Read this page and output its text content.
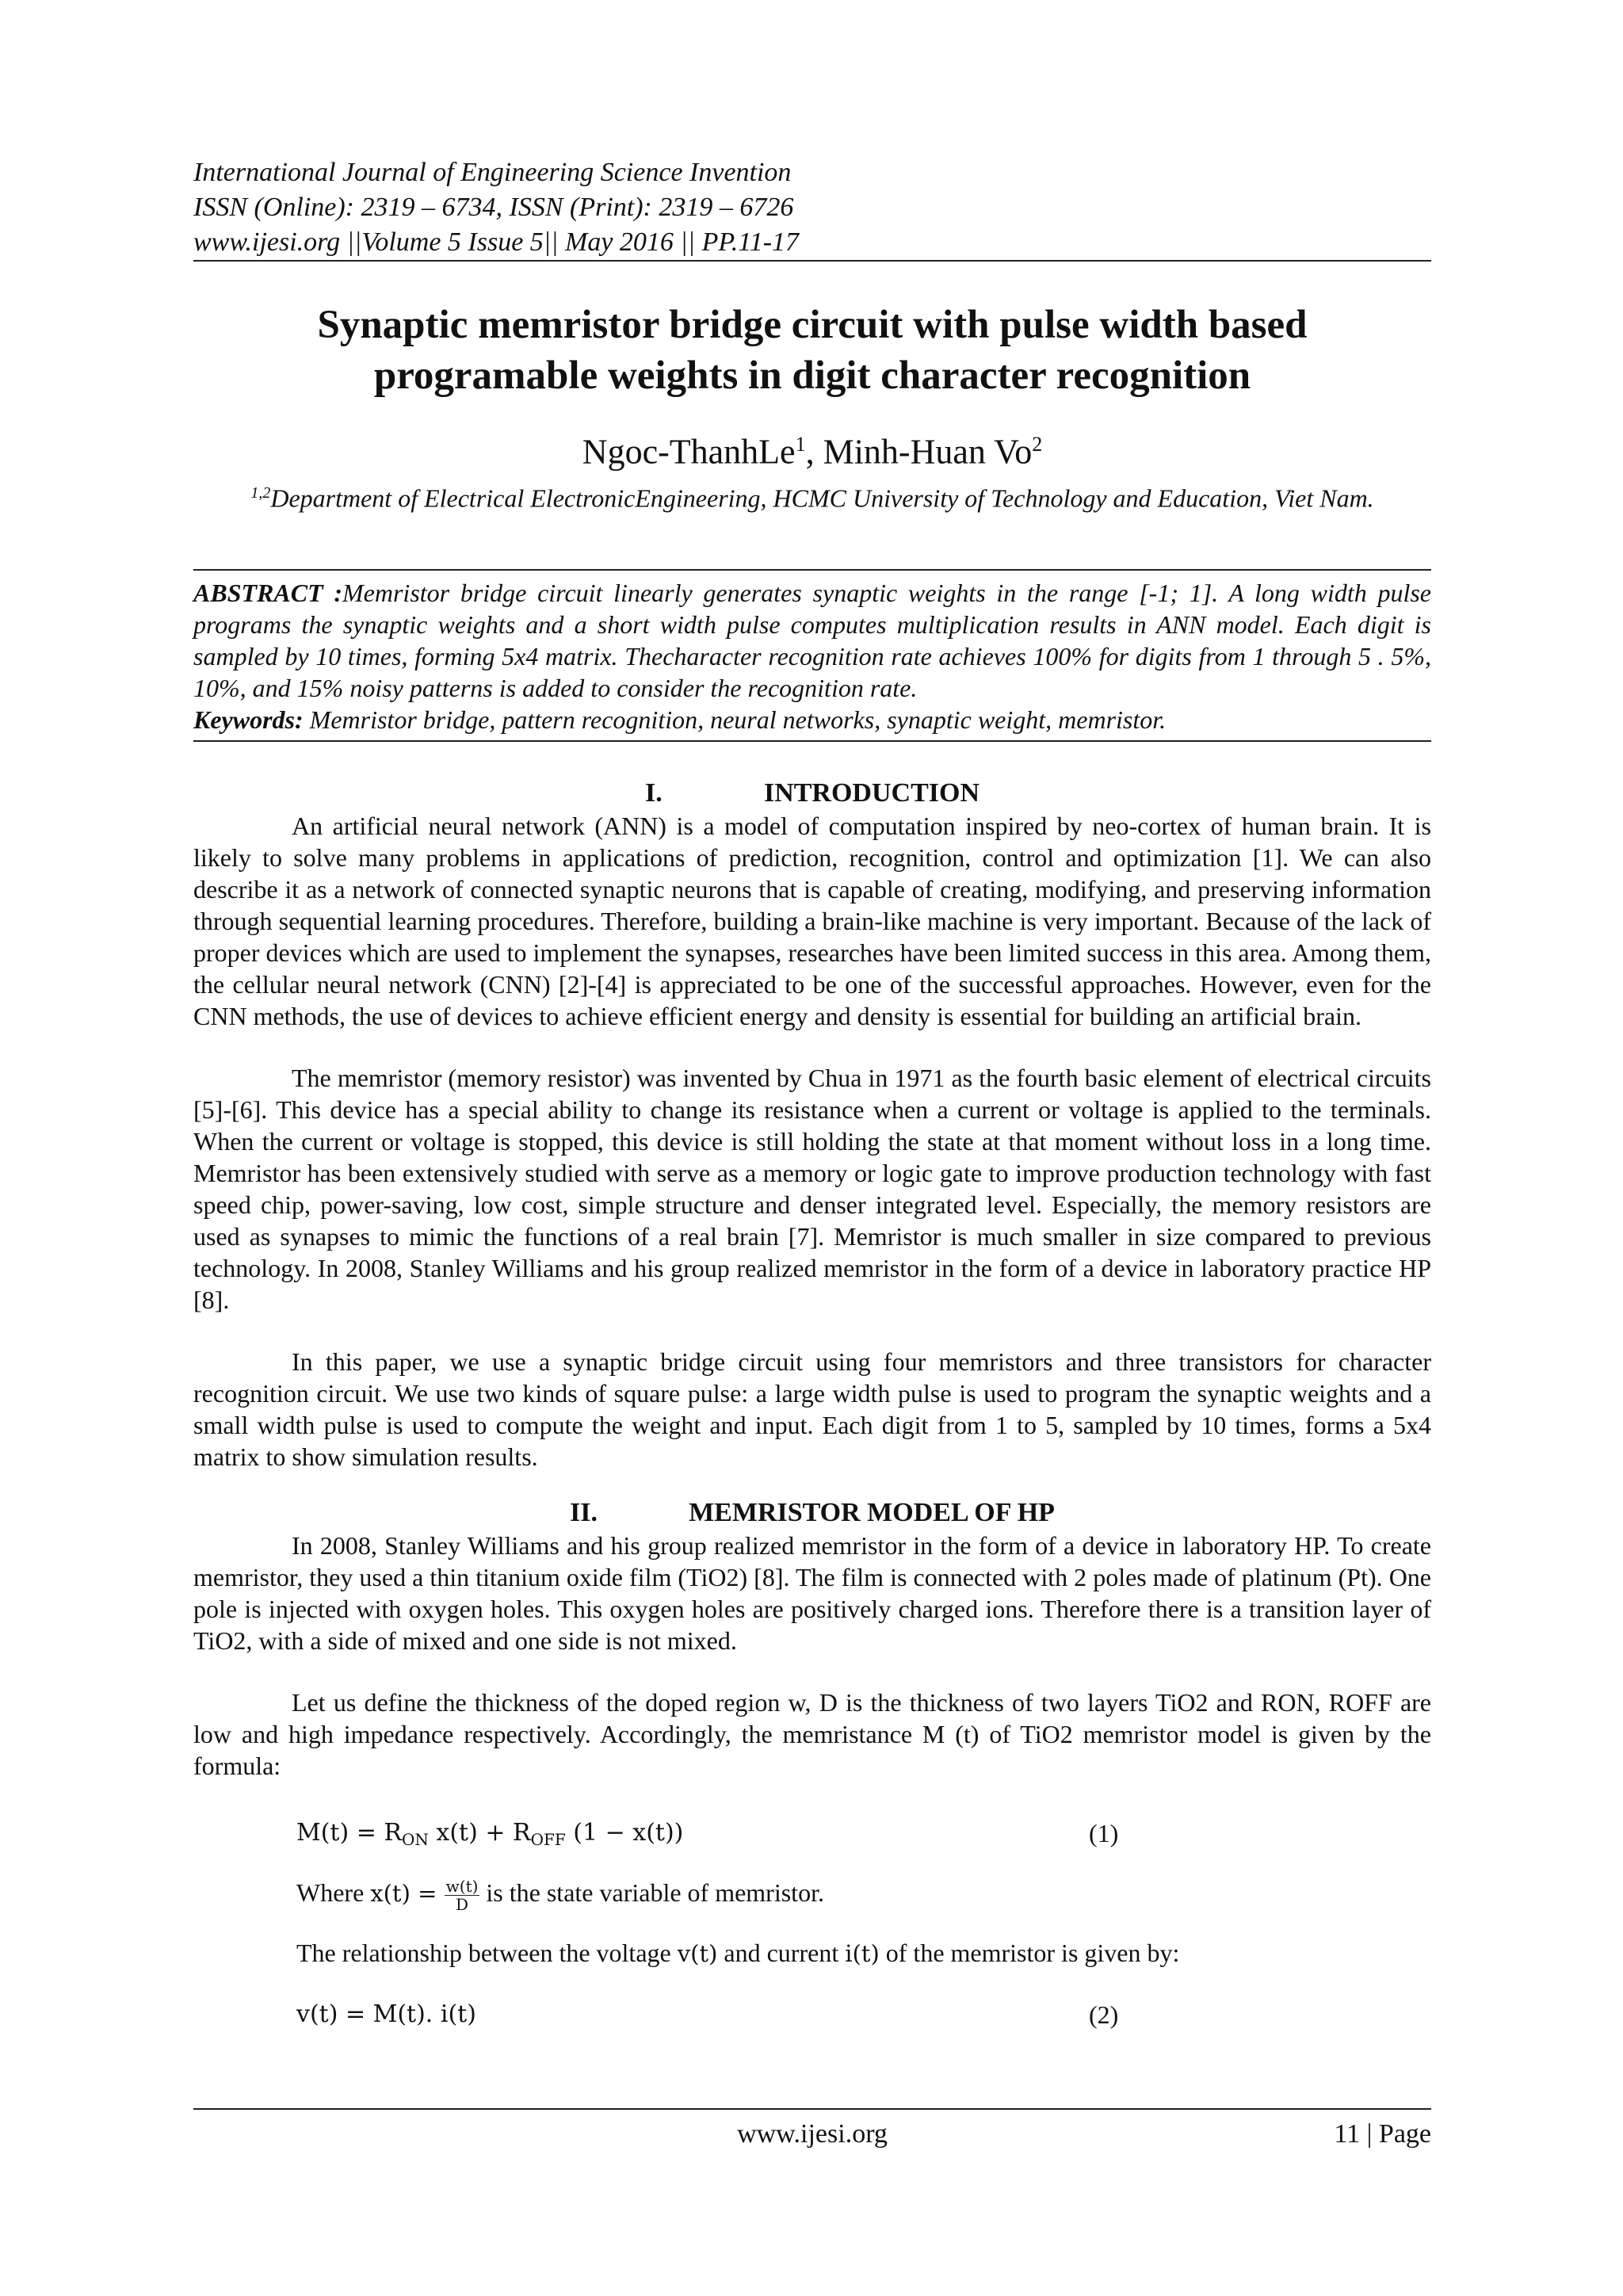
International Journal of Engineering Science Invention

ISSN (Online): 2319 – 6734, ISSN (Print): 2319 – 6726

www.ijesi.org ||Volume 5 Issue 5|| May 2016 || PP.11-17

Synaptic memristor bridge circuit with pulse width based
programable weights in digit character recognition

Ngoc-ThanhLe$^1$, Minh-Huan Vo$^2$

$^{1,2}$Department of Electrical ElectronicEngineering, HCMC University of Technology and Education, Viet Nam.

ABSTRACT :Memristor bridge circuit linearly generates synaptic weights in the range [-1; 1]. A long width pulse programs the synaptic weights and a short width pulse computes multiplication results in ANN model. Each digit is sampled by 10 times, forming 5x4 matrix. Thecharacter recognition rate achieves 100% for digits from 1 through 5 . 5%, 10%, and 15% noisy patterns is added to consider the recognition rate.

Keywords: Memristor bridge, pattern recognition, neural networks, synaptic weight, memristor.

I.	INTRODUCTION

An artificial neural network (ANN) is a model of computation inspired by neo-cortex of human brain. It is likely to solve many problems in applications of prediction, recognition, control and optimization [1]. We can also describe it as a network of connected synaptic neurons that is capable of creating, modifying, and preserving information through sequential learning procedures. Therefore, building a brain-like machine is very important. Because of the lack of proper devices which are used to implement the synapses, researches have been limited success in this area. Among them, the cellular neural network (CNN) [2]-[4] is appreciated to be one of the successful approaches. However, even for the CNN methods, the use of devices to achieve efficient energy and density is essential for building an artificial brain.

The memristor (memory resistor) was invented by Chua in 1971 as the fourth basic element of electrical circuits [5]-[6]. This device has a special ability to change its resistance when a current or voltage is applied to the terminals. When the current or voltage is stopped, this device is still holding the state at that moment without loss in a long time. Memristor has been extensively studied with serve as a memory or logic gate to improve production technology with fast speed chip, power-saving, low cost, simple structure and denser integrated level. Especially, the memory resistors are used as synapses to mimic the functions of a real brain [7]. Memristor is much smaller in size compared to previous technology. In 2008, Stanley Williams and his group realized memristor in the form of a device in laboratory practice HP [8].

In this paper, we use a synaptic bridge circuit using four memristors and three transistors for character recognition circuit. We use two kinds of square pulse: a large width pulse is used to program the synaptic weights and a small width pulse is used to compute the weight and input. Each digit from 1 to 5, sampled by 10 times, forms a 5x4 matrix to show simulation results.

II.	MEMRISTOR MODEL OF HP

In 2008, Stanley Williams and his group realized memristor in the form of a device in laboratory HP. To create memristor, they used a thin titanium oxide film (TiO2) [8]. The film is connected with 2 poles made of platinum (Pt). One pole is injected with oxygen holes. This oxygen holes are positively charged ions. Therefore there is a transition layer of TiO2, with a side of mixed and one side is not mixed.

Let us define the thickness of the doped region w, D is the thickness of two layers TiO2 and RON, ROFF are low and high impedance respectively. Accordingly, the memristance M (t) of TiO2 memristor model is given by the formula:

$M(t) = R_{ON}$ $x(t) + R_{OFF}$ (1 − x(t))	(1)

Where $x(t) = \frac{w(t)}{D}$ is the state variable of memristor.

The relationship between the voltage v(t) and current i(t) of the memristor is given by:

v(t) = M(t). i(t)	(2)
www.ijesi.org	11 | Page
